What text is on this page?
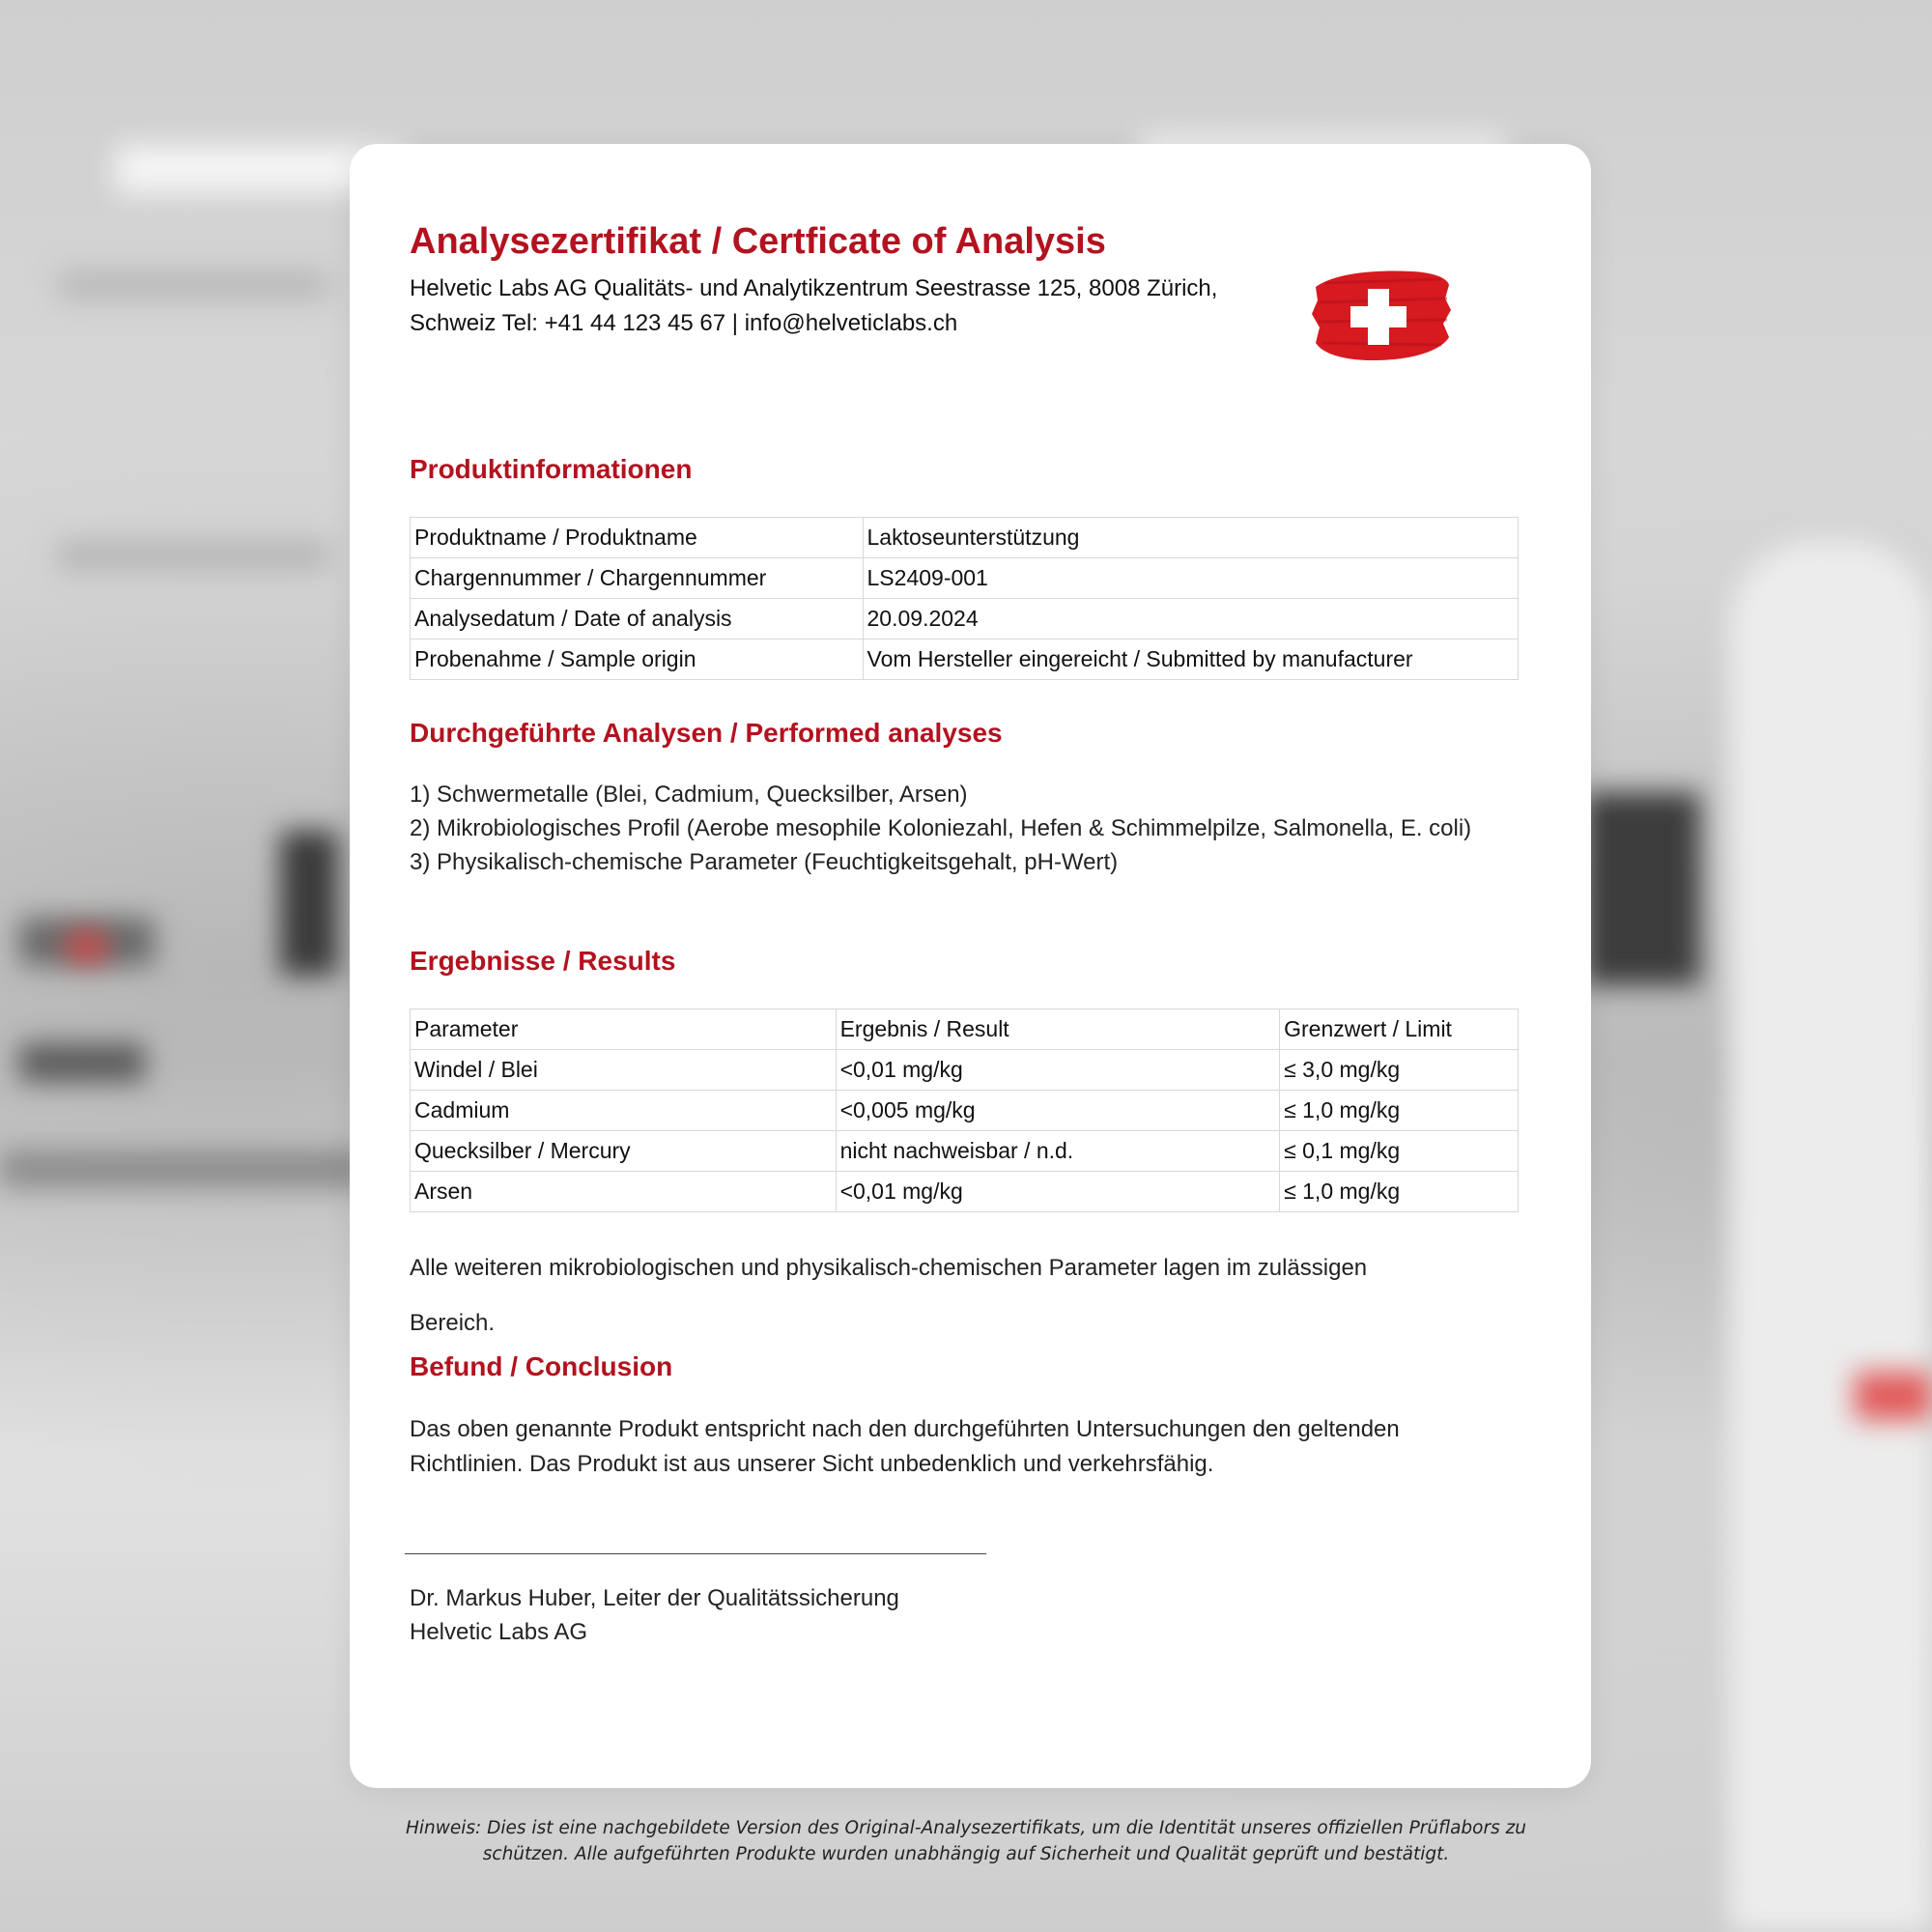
Analysezertifikat / Certficate of Analysis
Helvetic Labs AG Qualitäts- und Analytikzentrum Seestrasse 125, 8008 Zürich, Schweiz Tel: +41 44 123 45 67 | info@helveticlabs.ch
Produktinformationen
Produktname / Produktname	Laktoseunterstützung
Chargennummer / Chargennummer	LS2409-001
Analysedatum / Date of analysis	20.09.2024
Probenahme / Sample origin	Vom Hersteller eingereicht / Submitted by manufacturer
Durchgeführte Analysen / Performed analyses
1) Schwermetalle (Blei, Cadmium, Quecksilber, Arsen)
2) Mikrobiologisches Profil (Aerobe mesophile Koloniezahl, Hefen & Schimmelpilze, Salmonella, E. coli)
3) Physikalisch-chemische Parameter (Feuchtigkeitsgehalt, pH-Wert)
Ergebnisse / Results
Parameter	Ergebnis / Result	Grenzwert / Limit
Windel / Blei	<0,01 mg/kg	≤ 3,0 mg/kg
Cadmium	<0,005 mg/kg	≤ 1,0 mg/kg
Quecksilber / Mercury	nicht nachweisbar / n.d.	≤ 0,1 mg/kg
Arsen	<0,01 mg/kg	≤ 1,0 mg/kg

Alle weiteren mikrobiologischen und physikalisch-chemischen Parameter lagen im zulässigen

Bereich.

Befund / Conclusion

Das oben genannte Produkt entspricht nach den durchgeführten Untersuchungen den geltenden Richtlinien. Das Produkt ist aus unserer Sicht unbedenklich und verkehrsfähig.

Dr. Markus Huber, Leiter der Qualitätssicherung
Helvetic Labs AG
Hinweis: Dies ist eine nachgebildete Version des Original-Analysezertifikats, um die Identität unseres offiziellen Prüflabors zu schützen. Alle aufgeführten Produkte wurden unabhängig auf Sicherheit und Qualität geprüft und bestätigt.
